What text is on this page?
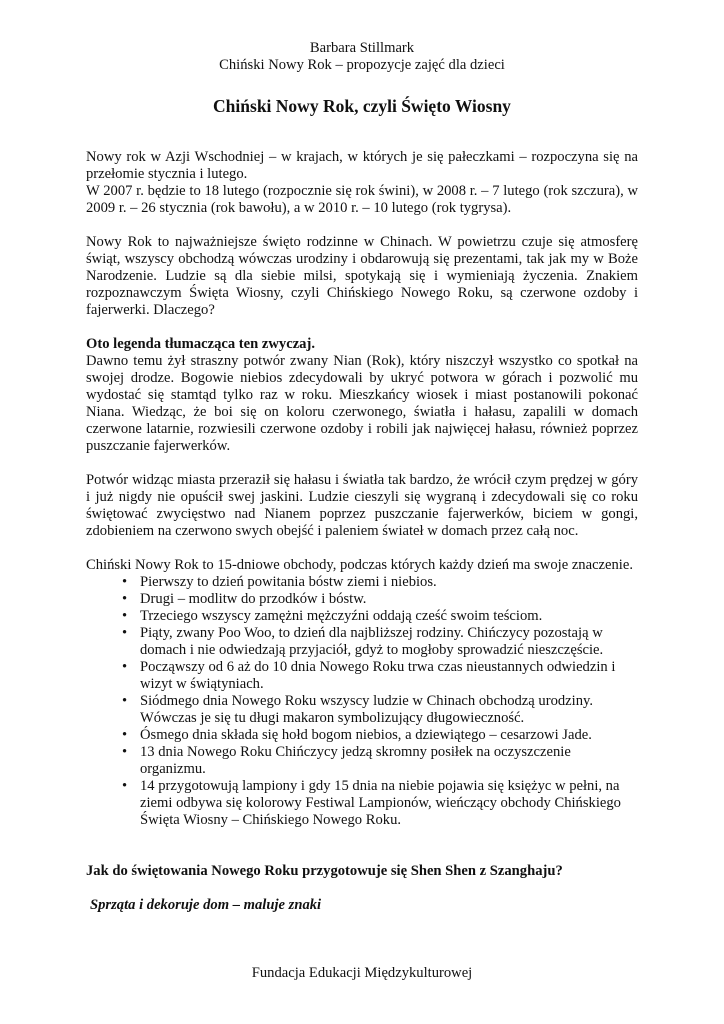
Barbara Stillmark
Chiński Nowy Rok – propozycje zajęć dla dzieci
Chiński Nowy Rok, czyli Święto Wiosny

Nowy rok w Azji Wschodniej – w krajach, w których je się pałeczkami – rozpoczyna się na przełomie stycznia i lutego.

W 2007 r. będzie to 18 lutego (rozpocznie się rok świni), w 2008 r. – 7 lutego (rok szczura), w 2009 r. – 26 stycznia (rok bawołu), a w 2010 r. – 10 lutego (rok tygrysa).

Nowy Rok to najważniejsze święto rodzinne w Chinach. W powietrzu czuje się atmosferę świąt, wszyscy obchodzą wówczas urodziny i obdarowują się prezentami, tak jak my w Boże Narodzenie. Ludzie są dla siebie milsi, spotykają się i wymieniają życzenia. Znakiem rozpoznawczym Święta Wiosny, czyli Chińskiego Nowego Roku, są czerwone ozdoby i fajerwerki. Dlaczego?

Oto legenda tłumacząca ten zwyczaj.

Dawno temu żył straszny potwór zwany Nian (Rok), który niszczył wszystko co spotkał na swojej drodze. Bogowie niebios zdecydowali by ukryć potwora w górach i pozwolić mu wydostać się stamtąd tylko raz w roku. Mieszkańcy wiosek i miast postanowili pokonać Niana. Wiedząc, że boi się on koloru czerwonego, światła i hałasu, zapalili w domach czerwone latarnie, rozwiesili czerwone ozdoby i robili jak najwięcej hałasu, również poprzez puszczanie fajerwerków.

Potwór widząc miasta przeraził się hałasu i światła tak bardzo, że wrócił czym prędzej w góry i już nigdy nie opuścił swej jaskini. Ludzie cieszyli się wygraną i zdecydowali się co roku świętować zwycięstwo nad Nianem poprzez puszczanie fajerwerków, biciem w gongi, zdobieniem na czerwono swych obejść i paleniem świateł w domach przez całą noc.

Chiński Nowy Rok to 15-dniowe obchody, podczas których każdy dzień ma swoje znaczenie.

• Pierwszy to dzień powitania bóstw ziemi i niebios.
• Drugi – modlitw do przodków i bóstw.
• Trzeciego wszyscy zamężni mężczyźni oddają cześć swoim teściom.
• Piąty, zwany Poo Woo, to dzień dla najbliższej rodziny. Chińczycy pozostają w domach i nie odwiedzają przyjaciół, gdyż to mogłoby sprowadzić nieszczęście.
• Począwszy od 6 aż do 10 dnia Nowego Roku trwa czas nieustannych odwiedzin i wizyt w świątyniach.
• Siódmego dnia Nowego Roku wszyscy ludzie w Chinach obchodzą urodziny. Wówczas je się tu długi makaron symbolizujący długowieczność.
• Ósmego dnia składa się hołd bogom niebios, a dziewiątego – cesarzowi Jade.
• 13 dnia Nowego Roku Chińczycy jedzą skromny posiłek na oczyszczenie organizmu.
• 14 przygotowują lampiony i gdy 15 dnia na niebie pojawia się księżyc w pełni, na ziemi odbywa się kolorowy Festiwal Lampionów, wieńczący obchody Chińskiego Święta Wiosny – Chińskiego Nowego Roku.

Jak do świętowania Nowego Roku przygotowuje się Shen Shen z Szanghaju?

Sprząta i dekoruje dom – maluje znaki

Fundacja Edukacji Międzykulturowej
